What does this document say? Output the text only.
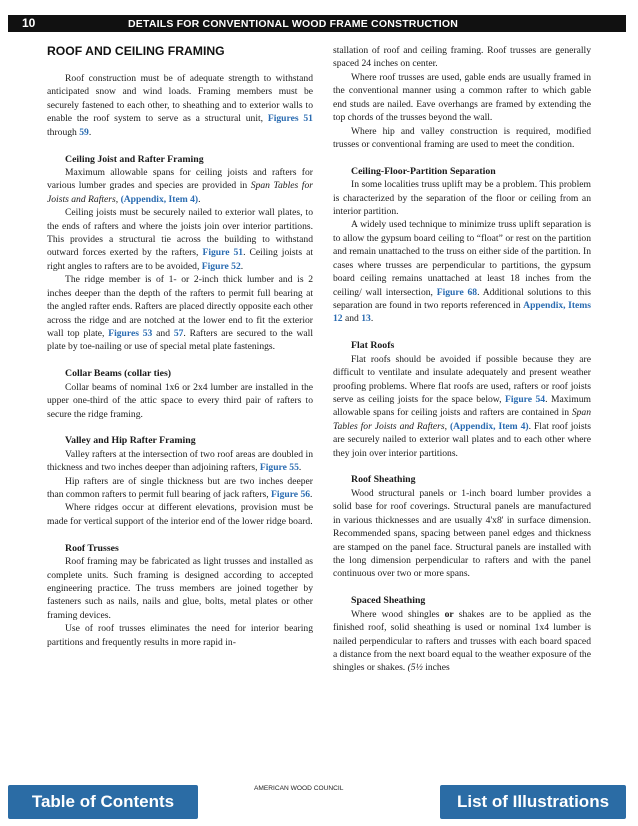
10	DETAILS FOR CONVENTIONAL WOOD FRAME CONSTRUCTION
ROOF AND CEILING FRAMING

Roof construction must be of adequate strength to withstand anticipated snow and wind loads. Framing members must be securely fastened to each other, to sheathing and to exterior walls to enable the roof system to serve as a structural unit, Figures 51 through 59.

Ceiling Joist and Rafter Framing

Maximum allowable spans for ceiling joists and rafters for various lumber grades and species are provided in Span Tables for Joists and Rafters, (Appendix, Item 4).

Ceiling joists must be securely nailed to exterior wall plates, to the ends of rafters and where the joists join over interior partitions. This provides a structural tie across the building to withstand outward forces exerted by the rafters, Figure 51. Ceiling joists at right angles to rafters are to be avoided, Figure 52.

The ridge member is of 1- or 2-inch thick lumber and is 2 inches deeper than the depth of the rafters to permit full bearing at the angled rafter ends. Rafters are placed directly opposite each other across the ridge and are notched at the lower end to fit the exterior wall top plate, Figures 53 and 57. Rafters are secured to the wall plate by toe-nailing or use of special metal plate fastenings.

Collar Beams (collar ties)

Collar beams of nominal 1x6 or 2x4 lumber are installed in the upper one-third of the attic space to every third pair of rafters to secure the ridge framing.

Valley and Hip Rafter Framing

Valley rafters at the intersection of two roof areas are doubled in thickness and two inches deeper than adjoining rafters, Figure 55.

Hip rafters are of single thickness but are two inches deeper than common rafters to permit full bearing of jack rafters, Figure 56.

Where ridges occur at different elevations, provision must be made for vertical support of the interior end of the lower ridge board.

Roof Trusses

Roof framing may be fabricated as light trusses and installed as complete units. Such framing is designed according to accepted engineering practice. The truss members are joined together by fasteners such as nails, nails and glue, bolts, metal plates or other framing devices.

Use of roof trusses eliminates the need for interior bearing partitions and frequently results in more rapid in-

stallation of roof and ceiling framing. Roof trusses are generally spaced 24 inches on center.

Where roof trusses are used, gable ends are usually framed in the conventional manner using a common rafter to which gable end studs are nailed. Eave overhangs are framed by extending the top chords of the trusses beyond the wall.

Where hip and valley construction is required, modified trusses or conventional framing are used to meet the condition.

Ceiling-Floor-Partition Separation

In some localities truss uplift may be a problem. This problem is characterized by the separation of the floor or ceiling from an interior partition.

A widely used technique to minimize truss uplift separation is to allow the gypsum board ceiling to “float” or rest on the partition and remain unattached to the truss on either side of the partition. In cases where trusses are perpendicular to partitions, the gypsum board ceiling remains unattached at least 18 inches from the ceiling/ wall intersection, Figure 68. Additional solutions to this separation are found in two reports referenced in Appendix, Items 12 and 13.

Flat Roofs

Flat roofs should be avoided if possible because they are difficult to ventilate and insulate adequately and present weather proofing problems. Where flat roofs are used, rafters or roof joists serve as ceiling joists for the space below, Figure 54. Maximum allowable spans for ceiling joists and rafters are contained in Span Tables for Joists and Rafters, (Appendix, Item 4). Flat roof joists are securely nailed to exterior wall plates and to each other where they join over interior partitions.

Roof Sheathing

Wood structural panels or 1-inch board lumber provides a solid base for roof coverings. Structural panels are manufactured in various thicknesses and are usually 4'x8' in surface dimension. Recommended spans, spacing between panel edges and thickness are stamped on the panel face. Structural panels are installed with the long dimension perpendicular to rafters and with the panel continuous over two or more spans.

Spaced Sheathing

Where wood shingles or shakes are to be applied as the finished roof, solid sheathing is used or nominal 1x4 lumber is nailed perpendicular to rafters and trusses with each board spaced a distance from the next board equal to the weather exposure of the shingles or shakes. (5½ inches

Table of Contents
AMERICAN WOOD COUNCIL
List of Illustrations
